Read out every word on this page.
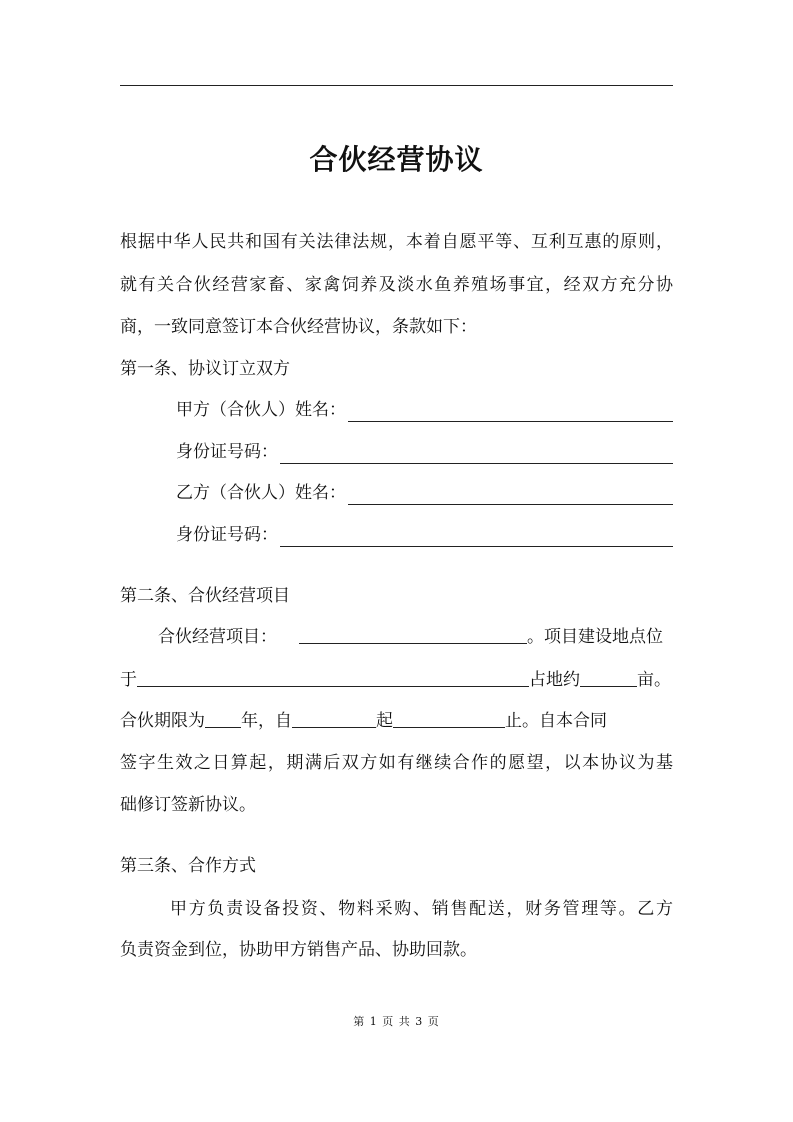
合伙经营协议
根据中华人民共和国有关法律法规，本着自愿平等、互利互惠的原则，
就有关合伙经营家畜、家禽饲养及淡水鱼养殖场事宜，经双方充分协
商，一致同意签订本合伙经营协议，条款如下：
第一条、协议订立双方
甲方（合伙人）姓名：
身份证号码：
乙方（合伙人）姓名：
身份证号码：
第二条、合伙经营项目
合伙经营项目：	。项目建设地点位
于	占地约	亩。
合伙期限为 年，自	起	止。自本合同
签字生效之日算起，期满后双方如有继续合作的愿望，以本协议为基
础修订签新协议。
第三条、合作方式
甲方负责设备投资、物料采购、销售配送，财务管理等。乙方
负责资金到位，协助甲方销售产品、协助回款。
第 1 页 共 3 页
